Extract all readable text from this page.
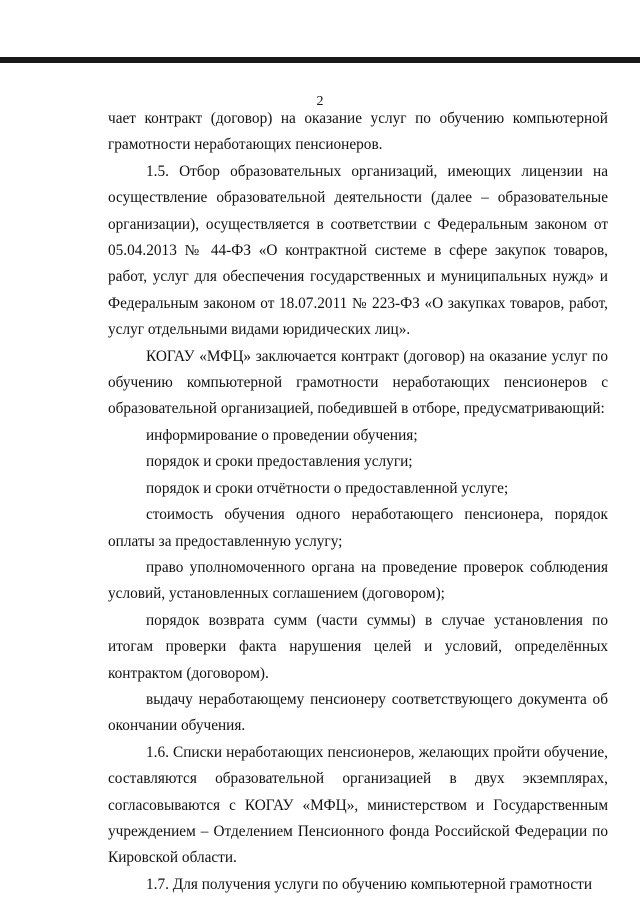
2

чает контракт (договор) на оказание услуг по обучению компьютерной грамотности неработающих пенсионеров.

1.5. Отбор образовательных организаций, имеющих лицензии на осуществление образовательной деятельности (далее – образовательные организации), осуществляется в соответствии с Федеральным законом от 05.04.2013 № 44-ФЗ «О контрактной системе в сфере закупок товаров, работ, услуг для обеспечения государственных и муниципальных нужд» и Федеральным законом от 18.07.2011 № 223-ФЗ «О закупках товаров, работ, услуг отдельными видами юридических лиц».

КОГАУ «МФЦ» заключается контракт (договор) на оказание услуг по обучению компьютерной грамотности неработающих пенсионеров с образовательной организацией, победившей в отборе, предусматривающий:

информирование о проведении обучения;

порядок и сроки предоставления услуги;

порядок и сроки отчётности о предоставленной услуге;

стоимость обучения одного неработающего пенсионера, порядок оплаты за предоставленную услугу;

право уполномоченного органа на проведение проверок соблюдения условий, установленных соглашением (договором);

порядок возврата сумм (части суммы) в случае установления по итогам проверки факта нарушения целей и условий, определённых контрактом (договором).

выдачу неработающему пенсионеру соответствующего документа об окончании обучения.

1.6. Списки неработающих пенсионеров, желающих пройти обучение, составляются образовательной организацией в двух экземплярах, согласовываются с КОГАУ «МФЦ», министерством и Государственным учреждением – Отделением Пенсионного фонда Российской Федерации по Кировской области.

1.7. Для получения услуги по обучению компьютерной грамотности
